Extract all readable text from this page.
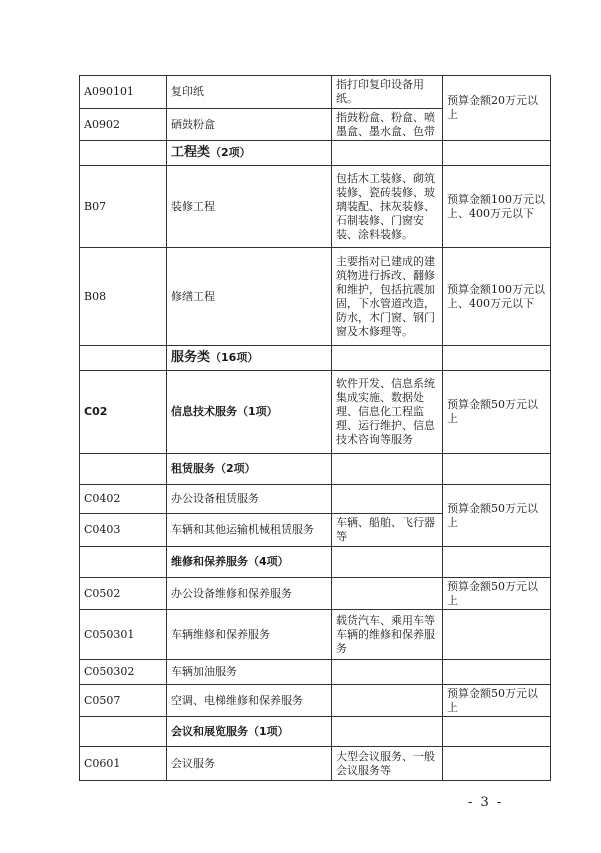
A090101	复印纸	指打印复印设备用纸。	预算金额20万元以上
A0902	硒鼓粉盒	指鼓粉盒、粉盒、喷墨盒、墨水盒、色带	
	工程类（2项）		
B07	装修工程	包括木工装修、砌筑装修、瓷砖装修、玻璃装配、抹灰装修、石制装修、门窗安装、涂料装修。	预算金额100万元以上、400万元以下
B08	修缮工程	主要指对已建成的建筑物进行拆改、翻修和维护，包括抗震加固，下水管道改造，防水，木门窗、钢门窗及木修理等。	预算金额100万元以上、400万元以下
	服务类（16项）		
C02	信息技术服务（1项）	软件开发、信息系统集成实施、数据处理、信息化工程监理、运行维护、信息技术咨询等服务	预算金额50万元以上
	租赁服务（2项）		
C0402	办公设备租赁服务		预算金额50万元以上
C0403	车辆和其他运输机械租赁服务	车辆、船舶、飞行器等	
	维修和保养服务（4项）		
C0502	办公设备维修和保养服务		预算金额50万元以上
C050301	车辆维修和保养服务	载货汽车、乘用车等车辆的维修和保养服务	
C050302	车辆加油服务		
C0507	空调、电梯维修和保养服务		预算金额50万元以上
	会议和展览服务（1项）		
C0601	会议服务	大型会议服务、一般会议服务等	
- 3 -
